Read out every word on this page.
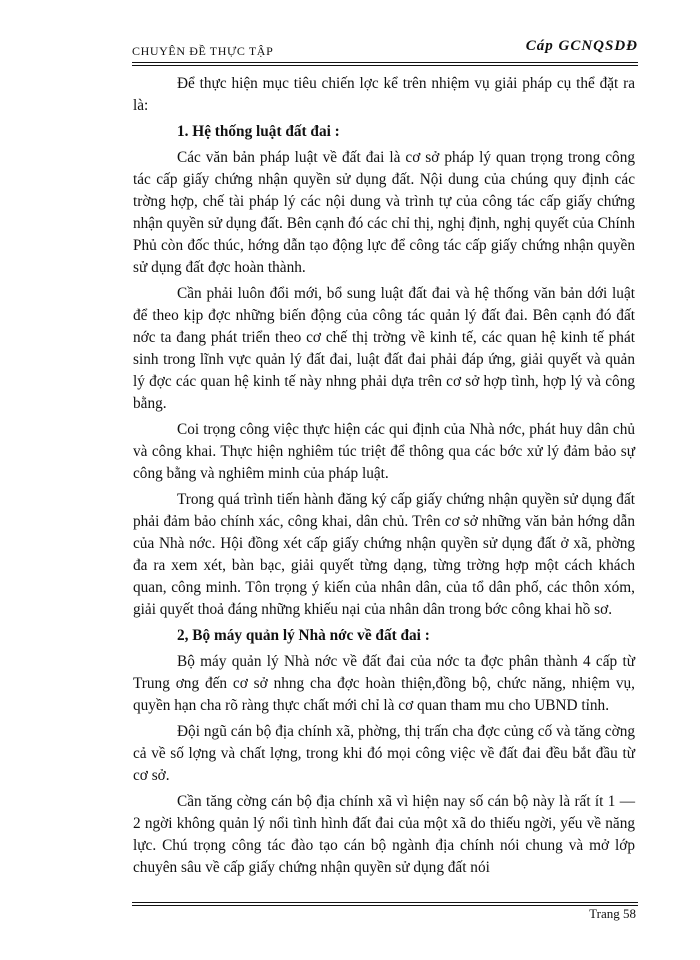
CHUYÊN ĐỀ THỰC TẬP	Cáp GCNQSDĐ

Để thực hiện mục tiêu chiến lợc kể trên nhiệm vụ giải pháp cụ thể đặt ra là:

1. Hệ thống luật đất đai :

Các văn bản pháp luật về đất đai là cơ sở pháp lý quan trọng trong công tác cấp giấy chứng nhận quyền sử dụng đất. Nội dung của chúng quy định các trờng hợp, chế tài pháp lý các nội dung và trình tự của công tác cấp giấy chứng nhận quyền sử dụng đất. Bên cạnh đó các chỉ thị, nghị định, nghị quyết của Chính Phủ còn đốc thúc, hớng dẫn tạo động lực để công tác cấp giấy chứng nhận quyền sử dụng đất đợc hoàn thành.

Cần phải luôn đổi mới, bổ sung luật đất đai và hệ thống văn bản dới luật để theo kịp đợc những biến động của công tác quản lý đất đai. Bên cạnh đó đất nớc ta đang phát triển theo cơ chế thị trờng về kinh tế, các quan hệ kinh tế phát sinh trong lĩnh vực quản lý đất đai, luật đất đai phải đáp ứng, giải quyết và quản lý đợc các quan hệ kinh tế này nhng phải dựa trên cơ sở hợp tình, hợp lý và công bằng.

Coi trọng công việc thực hiện các qui định của Nhà nớc, phát huy dân chủ và công khai. Thực hiện nghiêm túc triệt để thông qua các bớc xử lý đảm bảo sự công bằng và nghiêm minh của pháp luật.

Trong quá trình tiến hành đăng ký cấp giấy chứng nhận quyền sử dụng đất phải đảm bảo chính xác, công khai, dân chủ. Trên cơ sở những văn bản hớng dẫn của Nhà nớc. Hội đồng xét cấp giấy chứng nhận quyền sử dụng đất ở xã, phờng đa ra xem xét, bàn bạc, giải quyết từng dạng, từng trờng hợp một cách khách quan, công minh. Tôn trọng ý kiến của nhân dân, của tổ dân phố, các thôn xóm, giải quyết thoả đáng những khiếu nại của nhân dân trong bớc công khai hồ sơ.

2, Bộ máy quản lý Nhà nớc về đất đai :

Bộ máy quản lý Nhà nớc về đất đai của nớc ta đợc phân thành 4 cấp từ Trung ơng đến cơ sở nhng cha đợc hoàn thiện,đồng bộ, chức năng, nhiệm vụ, quyền hạn cha rõ ràng thực chất mới chỉ là cơ quan tham mu cho UBND tỉnh.

Đội ngũ cán bộ địa chính xã, phờng, thị trấn cha đợc củng cố và tăng cờng cả về số lợng và chất lợng, trong khi đó mọi công việc về đất đai đều bắt đầu từ cơ sở.

Cần tăng cờng cán bộ địa chính xã vì hiện nay số cán bộ này là rất ít 1 — 2 ngời không quản lý nổi tình hình đất đai của một xã do thiếu ngời, yếu về năng lực. Chú trọng công tác đào tạo cán bộ ngành địa chính nói chung và mở lớp chuyên sâu về cấp giấy chứng nhận quyền sử dụng đất nói

Trang 58
